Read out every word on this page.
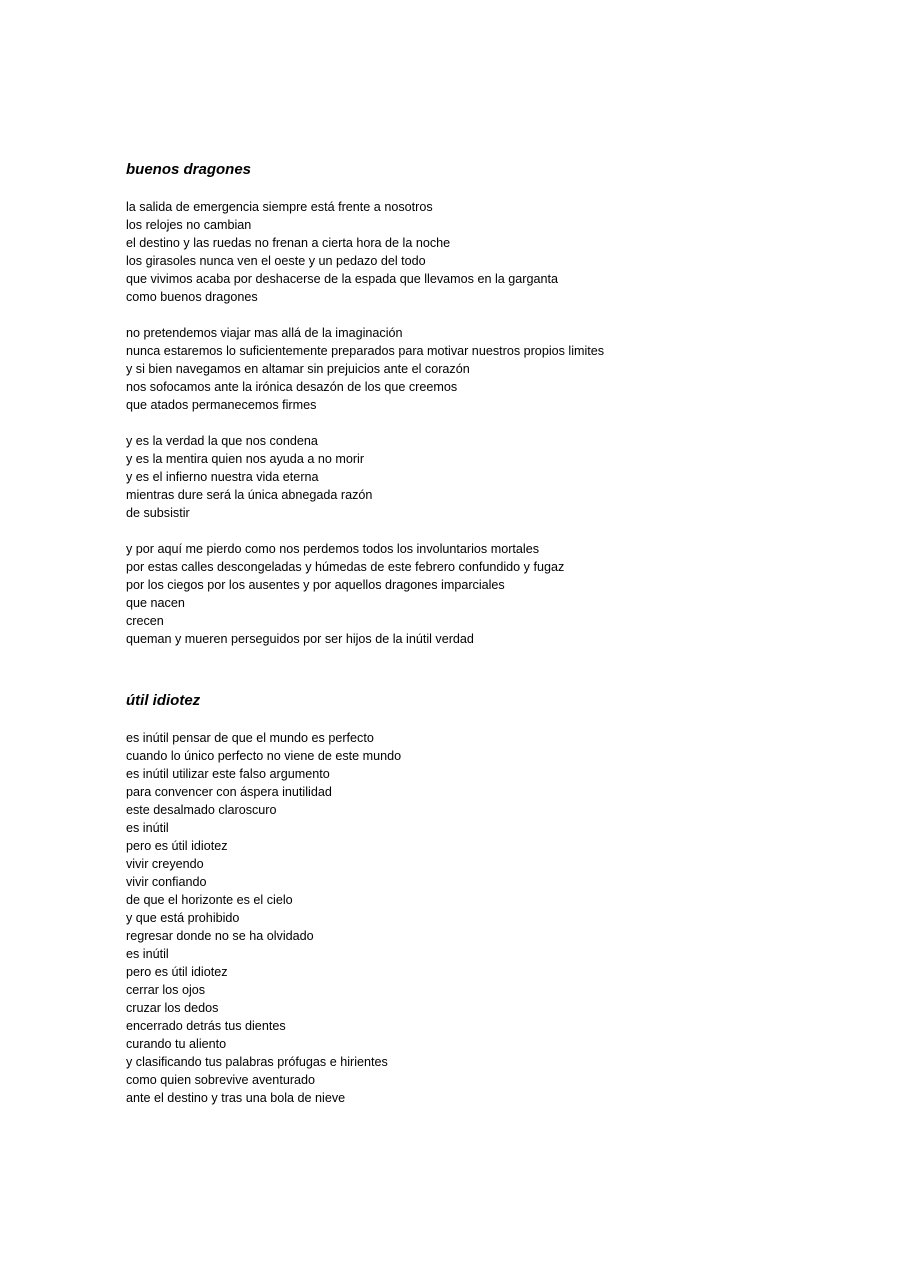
buenos dragones
la salida de emergencia siempre está frente a nosotros
los relojes no cambian
el destino y las ruedas no frenan a cierta hora de la noche
los girasoles nunca ven el oeste y un pedazo del todo
que vivimos acaba por deshacerse de la espada que llevamos en la garganta
como buenos dragones
no pretendemos viajar mas allá de la imaginación
nunca estaremos lo suficientemente preparados para motivar nuestros propios limites
y si bien navegamos en altamar sin prejuicios ante el corazón
nos sofocamos ante la irónica desazón de los que creemos
que atados permanecemos firmes
y es la verdad la que nos condena
y es la mentira quien nos ayuda a no morir
y es el infierno nuestra vida eterna
mientras dure será la única abnegada razón
de subsistir
y por aquí me pierdo como nos perdemos todos los involuntarios mortales
por estas calles descongeladas y húmedas de este febrero confundido y fugaz
por los ciegos por los ausentes y por aquellos dragones imparciales
que nacen
crecen
queman y mueren perseguidos por ser hijos de la inútil verdad
útil idiotez
es inútil pensar de que el mundo es perfecto
cuando lo único perfecto no viene de este mundo
es inútil utilizar este falso argumento
para convencer con áspera inutilidad
este desalmado claroscuro
es inútil
pero es útil idiotez
vivir creyendo
vivir confiando
de que el horizonte es el cielo
y que está prohibido
regresar donde no se ha olvidado
es inútil
pero es útil idiotez
cerrar los ojos
cruzar los dedos
encerrado detrás tus dientes
curando tu aliento
y clasificando tus palabras prófugas e hirientes
como quien sobrevive aventurado
ante el destino y tras una bola de nieve
